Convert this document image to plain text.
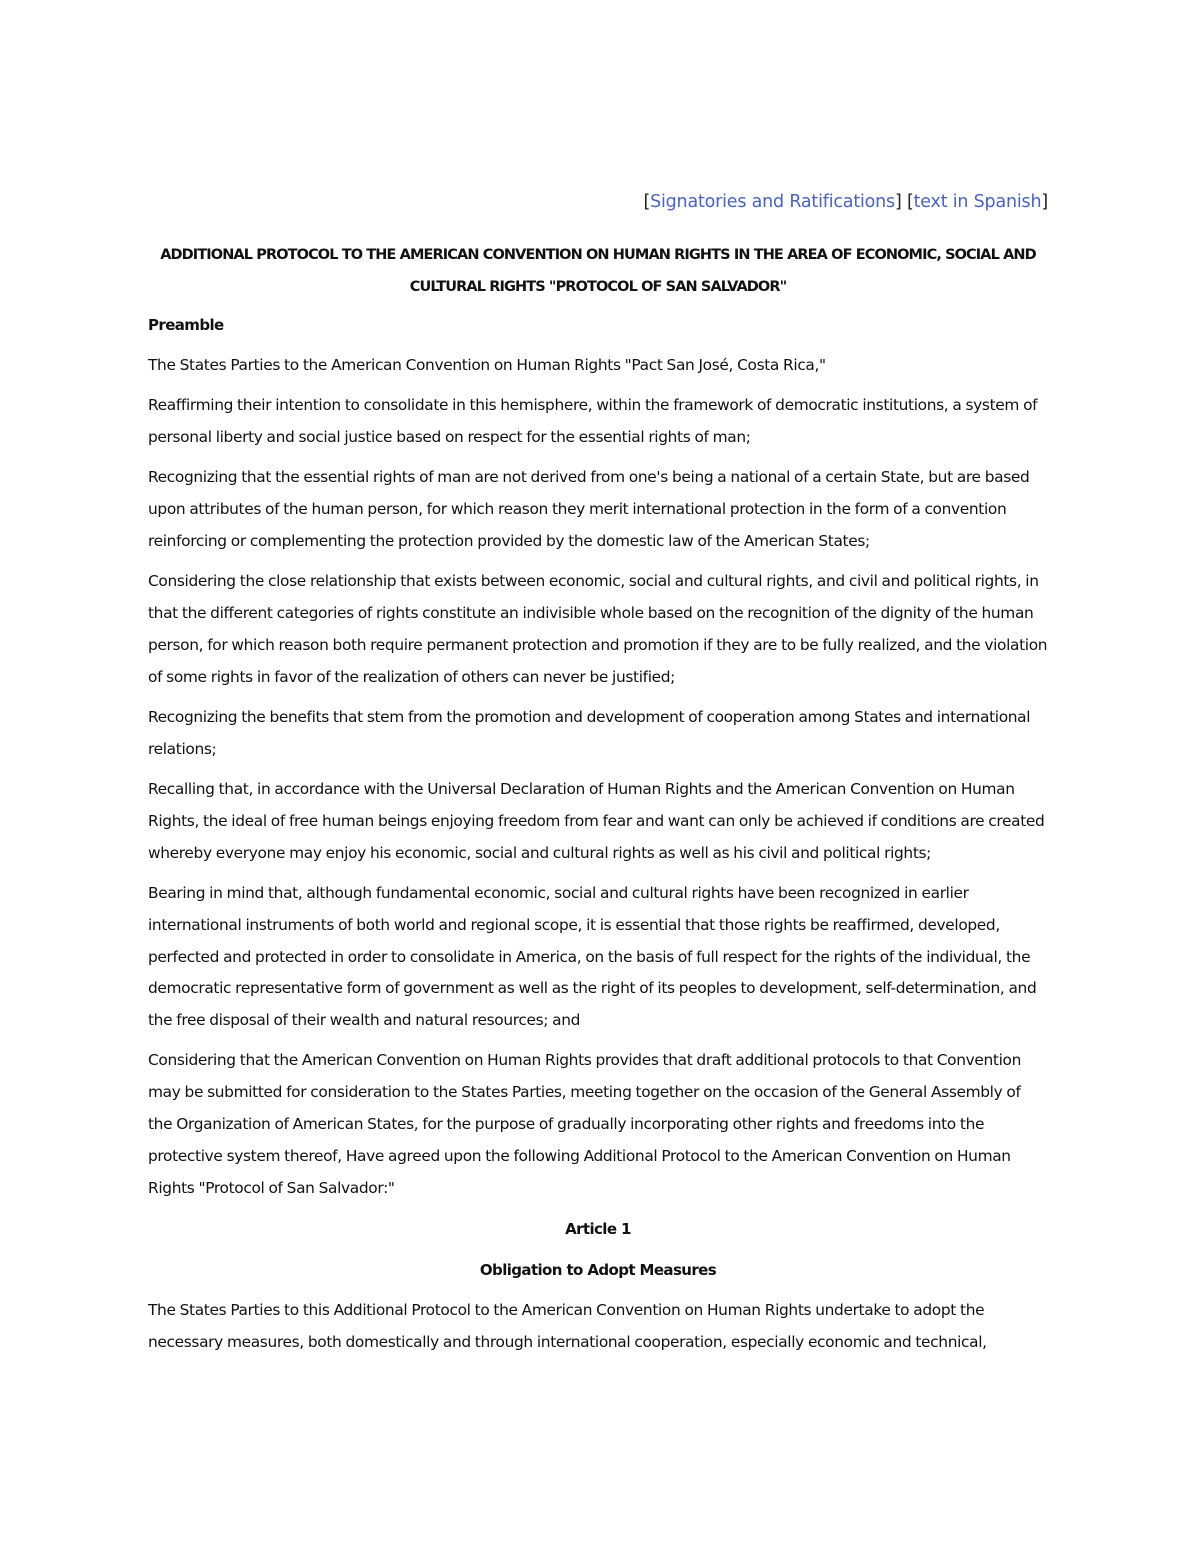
[Signatories and Ratifications] [text in Spanish]
ADDITIONAL PROTOCOL TO THE AMERICAN CONVENTION ON HUMAN RIGHTS IN THE AREA OF ECONOMIC, SOCIAL AND CULTURAL RIGHTS "PROTOCOL OF SAN SALVADOR"
Preamble

The States Parties to the American Convention on Human Rights "Pact San José, Costa Rica,"

Reaffirming their intention to consolidate in this hemisphere, within the framework of democratic institutions, a system of personal liberty and social justice based on respect for the essential rights of man;

Recognizing that the essential rights of man are not derived from one's being a national of a certain State, but are based upon attributes of the human person, for which reason they merit international protection in the form of a convention reinforcing or complementing the protection provided by the domestic law of the American States;

Considering the close relationship that exists between economic, social and cultural rights, and civil and political rights, in that the different categories of rights constitute an indivisible whole based on the recognition of the dignity of the human person, for which reason both require permanent protection and promotion if they are to be fully realized, and the violation of some rights in favor of the realization of others can never be justified;

Recognizing the benefits that stem from the promotion and development of cooperation among States and international relations;

Recalling that, in accordance with the Universal Declaration of Human Rights and the American Convention on Human Rights, the ideal of free human beings enjoying freedom from fear and want can only be achieved if conditions are created whereby everyone may enjoy his economic, social and cultural rights as well as his civil and political rights;

Bearing in mind that, although fundamental economic, social and cultural rights have been recognized in earlier international instruments of both world and regional scope, it is essential that those rights be reaffirmed, developed, perfected and protected in order to consolidate in America, on the basis of full respect for the rights of the individual, the democratic representative form of government as well as the right of its peoples to development, self-determination, and the free disposal of their wealth and natural resources; and

Considering that the American Convention on Human Rights provides that draft additional protocols to that Convention may be submitted for consideration to the States Parties, meeting together on the occasion of the General Assembly of the Organization of American States, for the purpose of gradually incorporating other rights and freedoms into the protective system thereof, Have agreed upon the following Additional Protocol to the American Convention on Human Rights "Protocol of San Salvador:"

Article 1
Obligation to Adopt Measures

The States Parties to this Additional Protocol to the American Convention on Human Rights undertake to adopt the necessary measures, both domestically and through international cooperation, especially economic and technical,
